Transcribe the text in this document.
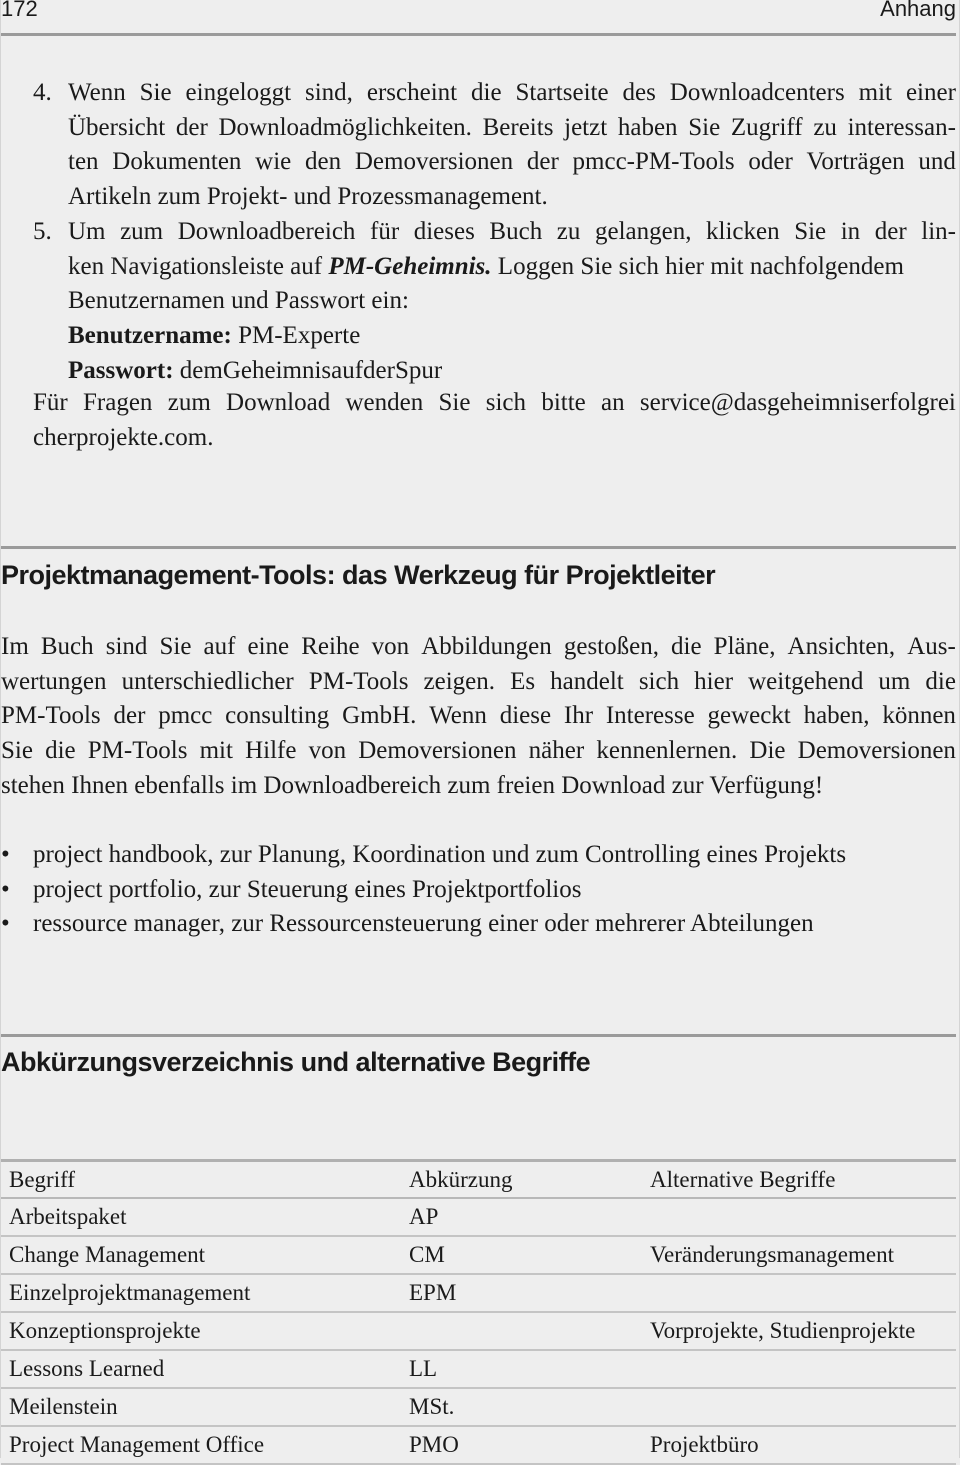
172	Anhang
4. Wenn Sie eingeloggt sind, erscheint die Startseite des Downloadcenters mit einer
Übersicht der Downloadmöglichkeiten. Bereits jetzt haben Sie Zugriff zu interessan-
ten Dokumenten wie den Demoversionen der pmcc-PM-Tools oder Vorträgen und
Artikeln zum Projekt- und Prozessmanagement.
5. Um zum Downloadbereich für dieses Buch zu gelangen, klicken Sie in der lin-
ken Navigationsleiste auf PM-Geheimnis. Loggen Sie sich hier mit nachfolgendem
Benutzernamen und Passwort ein:
Benutzername: PM-Experte
Passwort: demGeheimnisaufderSpur
Für Fragen zum Download wenden Sie sich bitte an service@dasgeheimniserfolgrei
cherprojekte.com.
Projektmanagement-Tools: das Werkzeug für Projektleiter
Im Buch sind Sie auf eine Reihe von Abbildungen gestoßen, die Pläne, Ansichten, Aus-
wertungen unterschiedlicher PM-Tools zeigen. Es handelt sich hier weitgehend um die
PM-Tools der pmcc consulting GmbH. Wenn diese Ihr Interesse geweckt haben, können
Sie die PM-Tools mit Hilfe von Demoversionen näher kennenlernen. Die Demoversionen
stehen Ihnen ebenfalls im Downloadbereich zum freien Download zur Verfügung!
• project handbook, zur Planung, Koordination und zum Controlling eines Projekts
• project portfolio, zur Steuerung eines Projektportfolios
• ressource manager, zur Ressourcensteuerung einer oder mehrerer Abteilungen
Abkürzungsverzeichnis und alternative Begriffe
Begriff	Abkürzung	Alternative Begriffe
Arbeitspaket	AP	
Change Management	CM	Veränderungsmanagement
Einzelprojektmanagement	EPM	
Konzeptionsprojekte		Vorprojekte, Studienprojekte
Lessons Learned	LL	
Meilenstein	MSt.	
Project Management Office	PMO	Projektbüro
